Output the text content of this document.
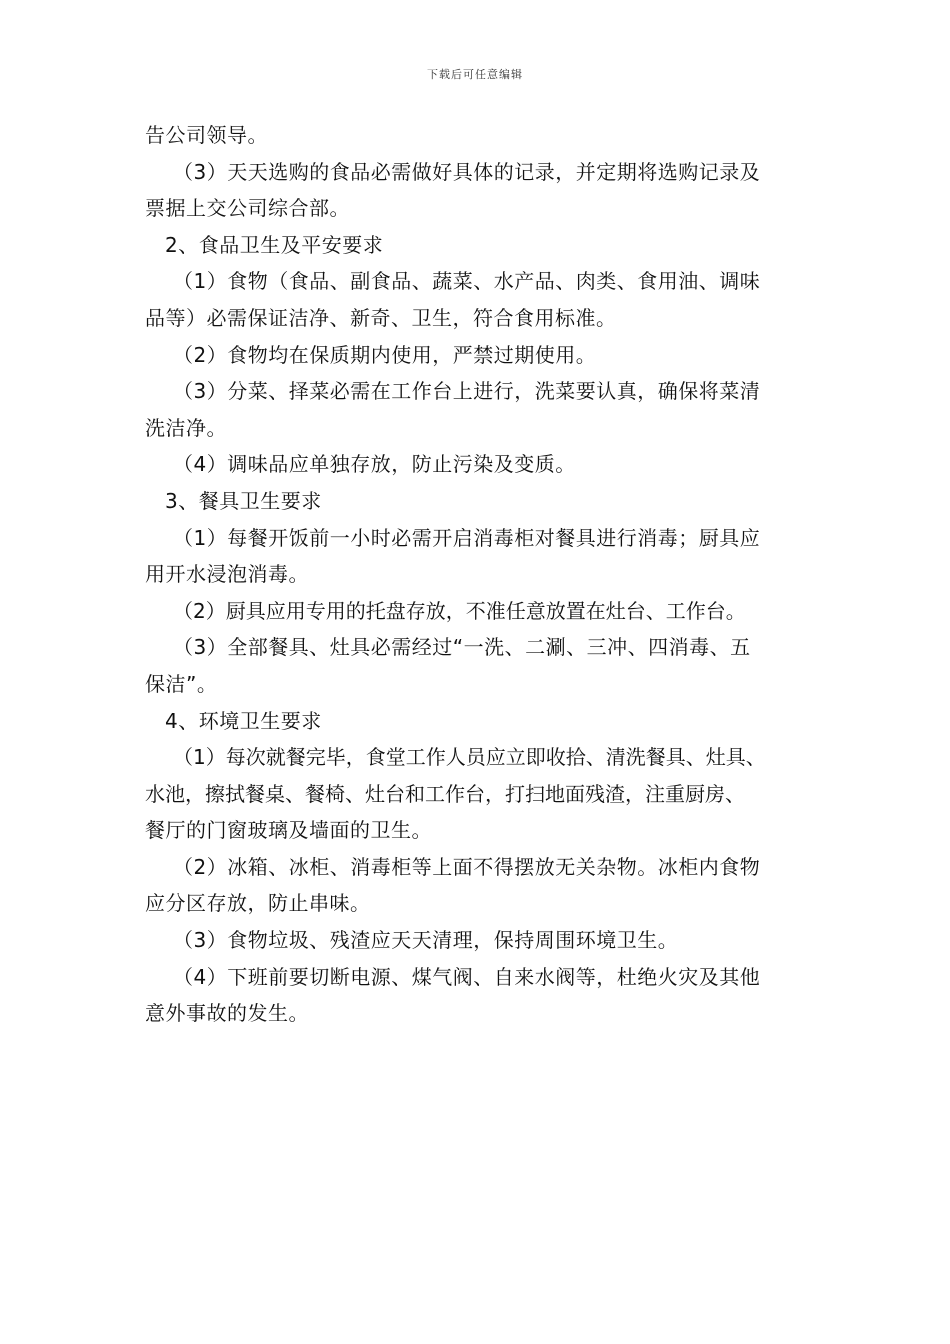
下载后可任意编辑
告公司领导。
（3）天天选购的食品必需做好具体的记录，并定期将选购记录及
票据上交公司综合部。
2、食品卫生及平安要求
（1）食物（食品、副食品、蔬菜、水产品、肉类、食用油、调味
品等）必需保证洁净、新奇、卫生，符合食用标准。
（2）食物均在保质期内使用，严禁过期使用。
（3）分菜、择菜必需在工作台上进行，洗菜要认真，确保将菜清
洗洁净。
（4）调味品应单独存放，防止污染及变质。
3、餐具卫生要求
（1）每餐开饭前一小时必需开启消毒柜对餐具进行消毒；厨具应
用开水浸泡消毒。
（2）厨具应用专用的托盘存放，不准任意放置在灶台、工作台。
（3）全部餐具、灶具必需经过“一洗、二涮、三冲、四消毒、五
保洁”。
4、环境卫生要求
（1）每次就餐完毕，食堂工作人员应立即收拾、清洗餐具、灶具、
水池，擦拭餐桌、餐椅、灶台和工作台，打扫地面残渣，注重厨房、
餐厅的门窗玻璃及墙面的卫生。
（2）冰箱、冰柜、消毒柜等上面不得摆放无关杂物。冰柜内食物
应分区存放，防止串味。
（3）食物垃圾、残渣应天天清理，保持周围环境卫生。
（4）下班前要切断电源、煤气阀、自来水阀等，杜绝火灾及其他
意外事故的发生。
